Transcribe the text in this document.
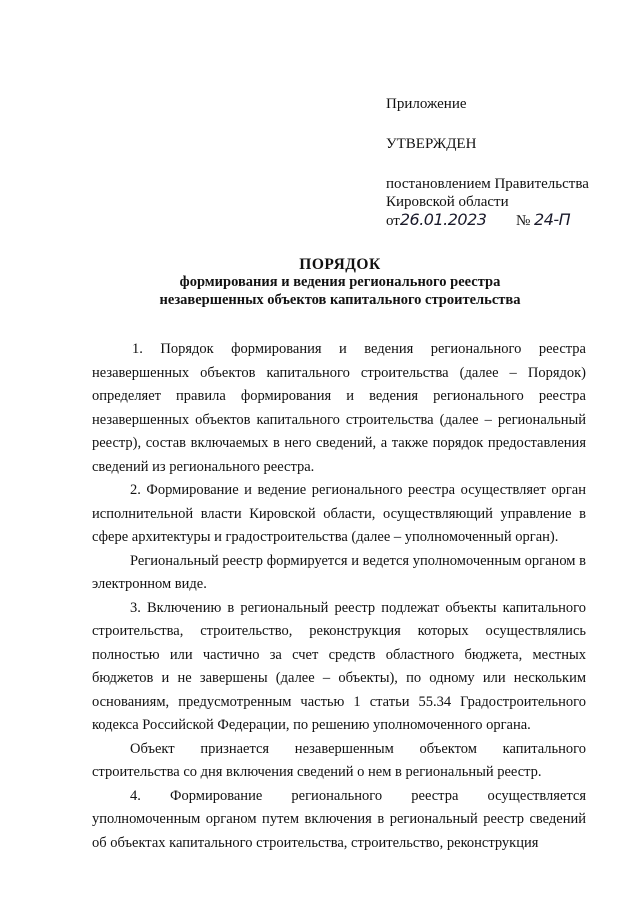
Приложение
УТВЕРЖДЕН
постановлением Правительства
Кировской области
от26.01.2023 № 24-П
ПОРЯДОК
формирования и ведения регионального реестра
незавершенных объектов капитального строительства

1. Порядок формирования и ведения регионального реестра незавершенных объектов капитального строительства (далее – Порядок) определяет правила формирования и ведения регионального реестра незавершенных объектов капитального строительства (далее – региональный реестр), состав включаемых в него сведений, а также порядок предоставления сведений из регионального реестра.

2. Формирование и ведение регионального реестра осуществляет орган исполнительной власти Кировской области, осуществляющий управление в сфере архитектуры и градостроительства (далее – уполномоченный орган).

Региональный реестр формируется и ведется уполномоченным органом в электронном виде.

3. Включению в региональный реестр подлежат объекты капитального строительства, строительство, реконструкция которых осуществлялись полностью или частично за счет средств областного бюджета, местных бюджетов и не завершены (далее – объекты), по одному или нескольким основаниям, предусмотренным частью 1 статьи 55.34 Градостроительного кодекса Российской Федерации, по решению уполномоченного органа.

Объект признается незавершенным объектом капитального строительства со дня включения сведений о нем в региональный реестр.

4. Формирование регионального реестра осуществляется уполномоченным органом путем включения в региональный реестр сведений об объектах капитального строительства, строительство, реконструкция
